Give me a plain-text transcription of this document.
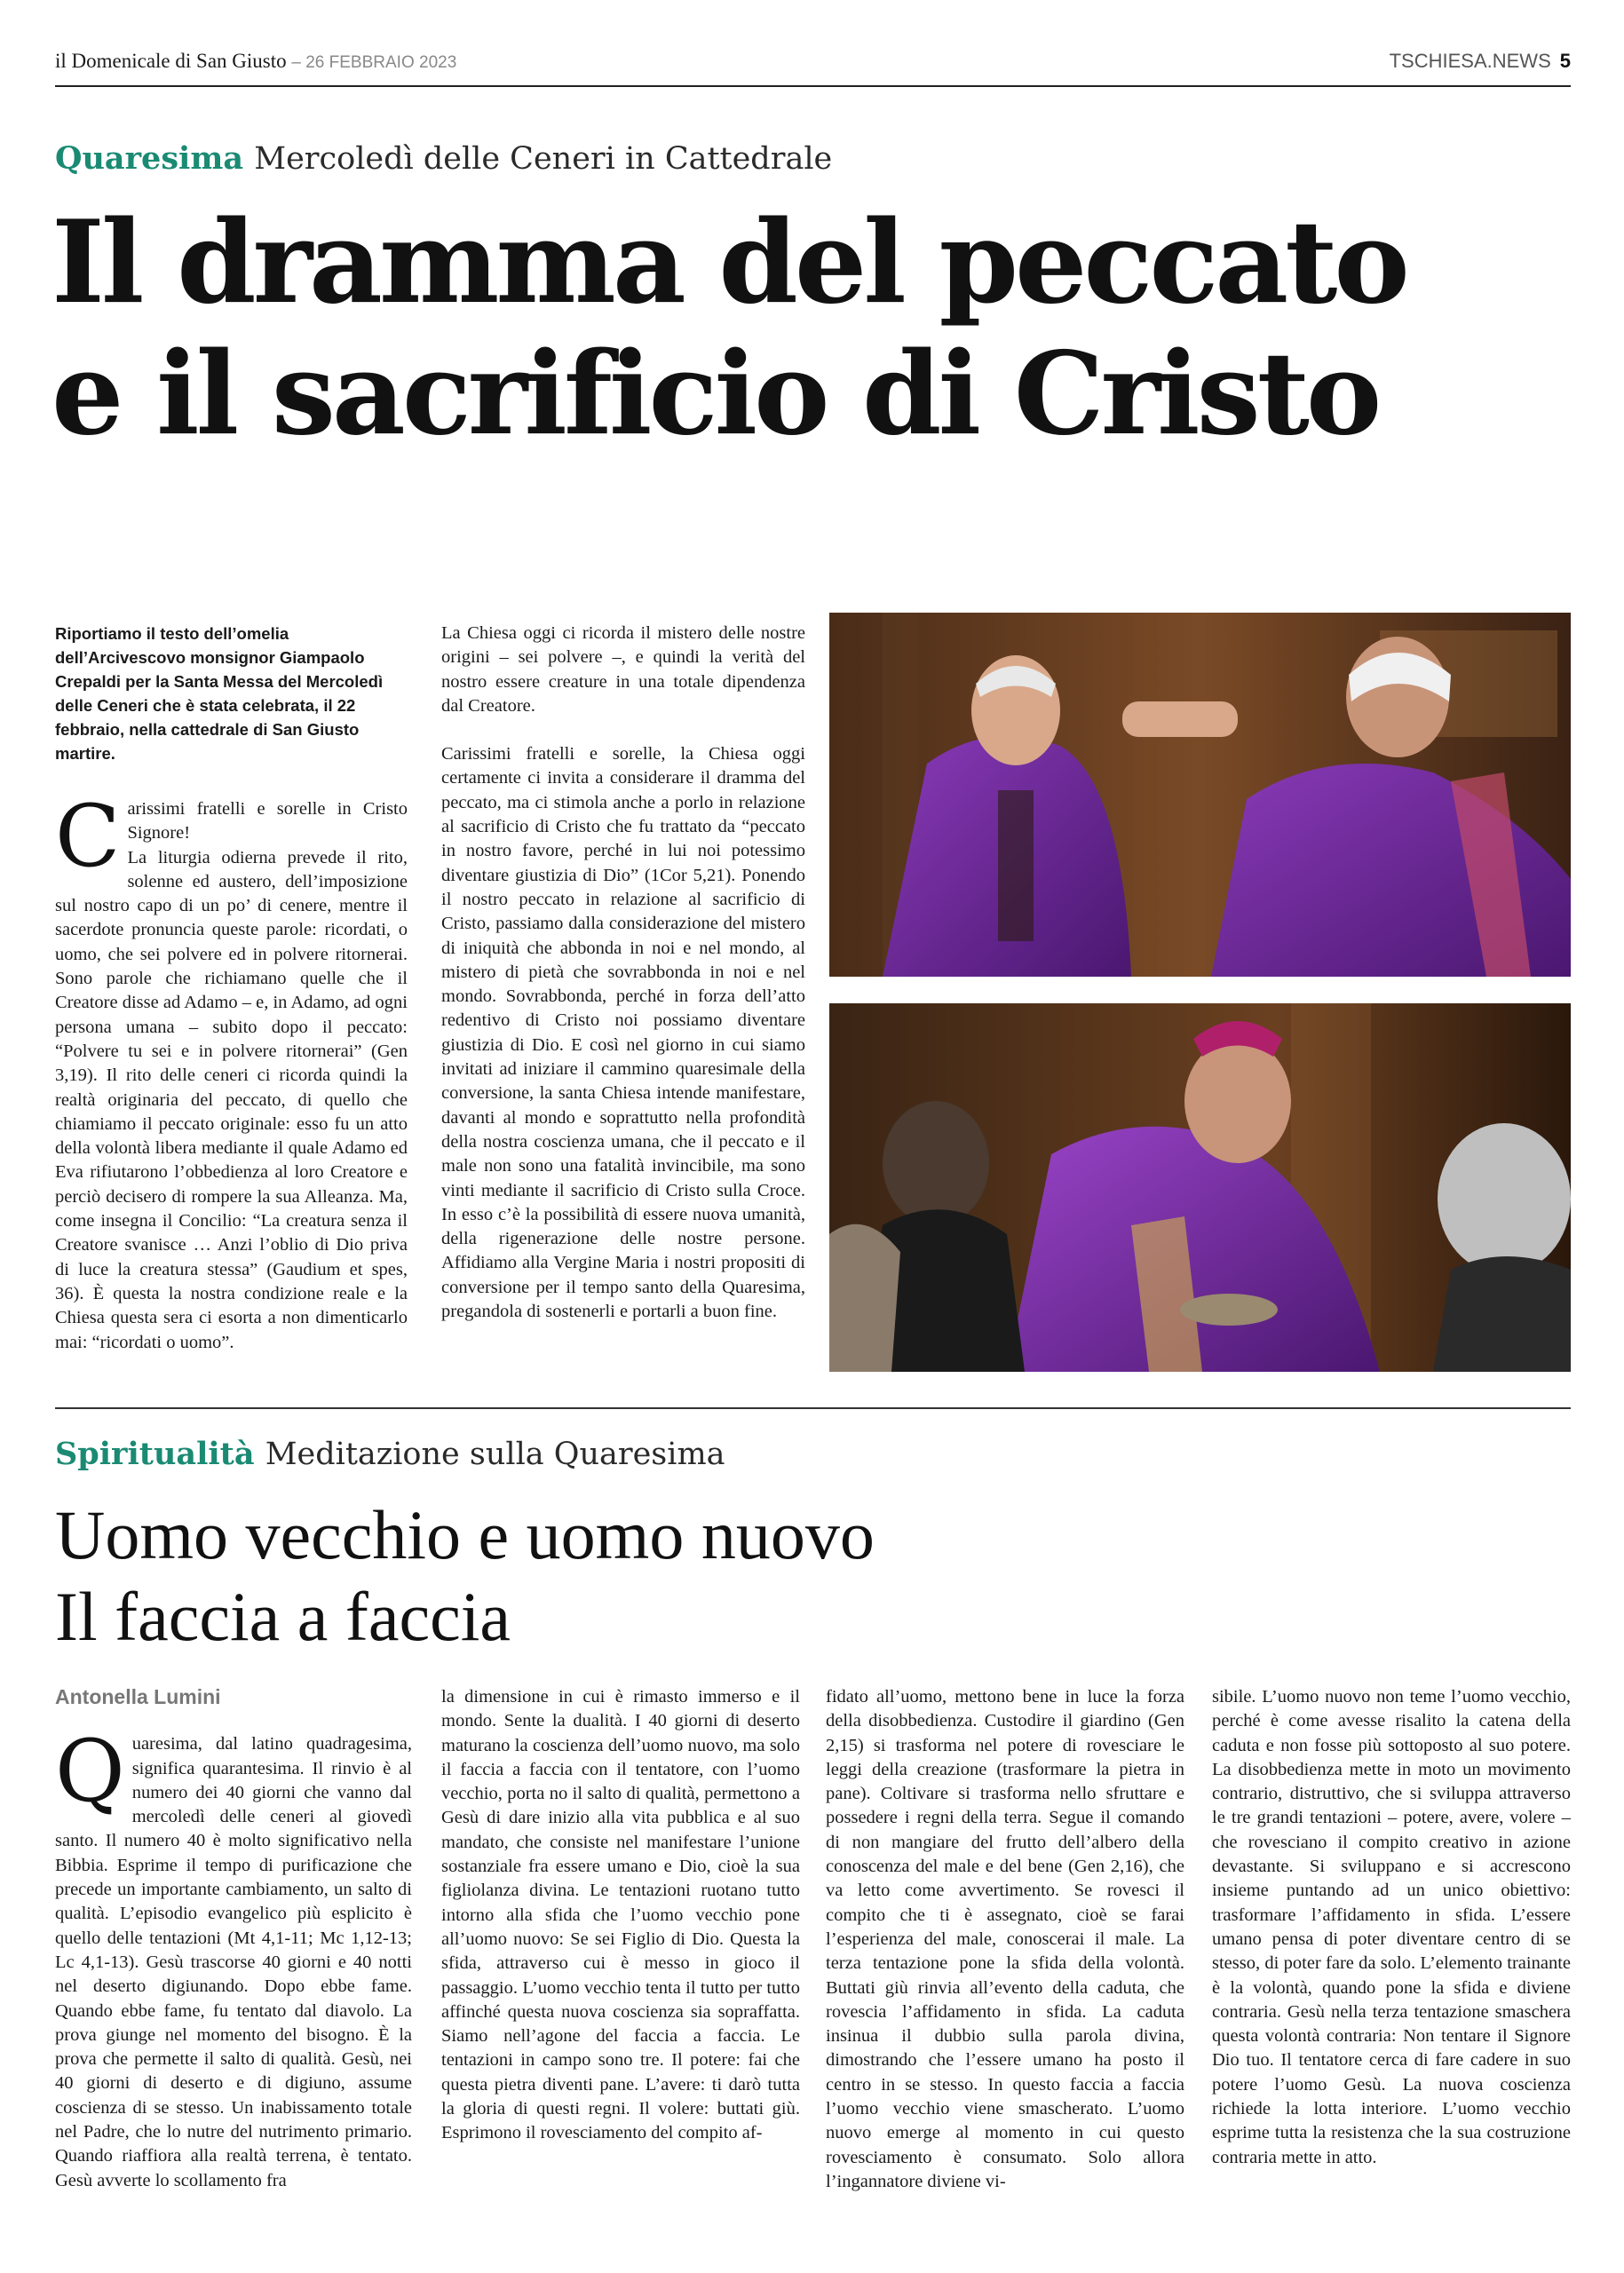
il Domenicale di San Giusto – 26 FEBBRAIO 2023	TSCHIESA.NEWS 5
Quaresima Mercoledì delle Ceneri in Cattedrale
Il dramma del peccato
e il sacrificio di Cristo

Riportiamo il testo dell’omelia dell’Arcivescovo monsignor Giampaolo Crepaldi per la Santa Messa del Mercoledì delle Ceneri che è stata celebrata, il 22 febbraio, nella cattedrale di San Giusto martire.

C arissimi fratelli e sorelle in Cristo Signore!

La liturgia odierna prevede il rito, solenne ed austero, dell’imposizione sul nostro capo di un po’ di cenere, mentre il sacerdote pronuncia queste parole: ricordati, o uomo, che sei polvere ed in polvere ritornerai. Sono parole che richiamano quelle che il Creatore disse ad Adamo – e, in Adamo, ad ogni persona umana – subito dopo il peccato: “Polvere tu sei e in polvere ritornerai” (Gen 3,19). Il rito delle ceneri ci ricorda quindi la realtà originaria del peccato, di quello che chiamiamo il peccato originale: esso fu un atto della volontà libera mediante il quale Adamo ed Eva rifiutarono l’obbedienza al loro Creatore e perciò decisero di rompere la sua Alleanza. Ma, come insegna il Concilio: “La creatura senza il Creatore svanisce … Anzi l’oblio di Dio priva di luce la creatura stessa” (Gaudium et spes, 36). È questa la nostra condizione reale e la Chiesa questa sera ci esorta a non dimenticarlo mai: “ricordati o uomo”.

La Chiesa oggi ci ricorda il mistero delle nostre origini – sei polvere –, e quindi la verità del nostro essere creature in una totale dipendenza dal Creatore.

Carissimi fratelli e sorelle, la Chiesa oggi certamente ci invita a considerare il dramma del peccato, ma ci stimola anche a porlo in relazione al sacrificio di Cristo che fu trattato da “peccato in nostro favore, perché in lui noi potessimo diventare giustizia di Dio” (1Cor 5,21). Ponendo il nostro peccato in relazione al sacrificio di Cristo, passiamo dalla considerazione del mistero di iniquità che abbonda in noi e nel mondo, al mistero di pietà che sovrabbonda in noi e nel mondo. Sovrabbonda, perché in forza dell’atto redentivo di Cristo noi possiamo diventare giustizia di Dio. E così nel giorno in cui siamo invitati ad iniziare il cammino quaresimale della conversione, la santa Chiesa intende manifestare, davanti al mondo e soprattutto nella profondità della nostra coscienza umana, che il peccato e il male non sono una fatalità invincibile, ma sono vinti mediante il sacrificio di Cristo sulla Croce. In esso c’è la possibilità di essere nuova umanità, della rigenerazione delle nostre persone. Affidiamo alla Vergine Maria i nostri propositi di conversione per il tempo santo della Quaresima, pregandola di sostenerli e portarli a buon fine.

Spiritualità Meditazione sulla Quaresima
Uomo vecchio e uomo nuovo
Il faccia a faccia

Antonella Lumini

Q uaresima, dal latino quadragesima, significa quarantesima. Il rinvio è al numero dei 40 giorni che vanno dal mercoledì delle ceneri al giovedì santo. Il numero 40 è molto significativo nella Bibbia. Esprime il tempo di purificazione che precede un importante cambiamento, un salto di qualità. L’episodio evangelico più esplicito è quello delle tentazioni (Mt 4,1-11; Mc 1,12-13; Lc 4,1-13). Gesù trascorse 40 giorni e 40 notti nel deserto digiunando. Dopo ebbe fame. Quando ebbe fame, fu tentato dal diavolo. La prova giunge nel momento del bisogno. È la prova che permette il salto di qualità. Gesù, nei 40 giorni di deserto e di digiuno, assume coscienza di se stesso. Un inabissamento totale nel Padre, che lo nutre del nutrimento primario. Quando riaffiora alla realtà terrena, è tentato. Gesù avverte lo scollamento fra

la dimensione in cui è rimasto immerso e il mondo. Sente la dualità. I 40 giorni di deserto maturano la coscienza dell’uomo nuovo, ma solo il faccia a faccia con il tentatore, con l’uomo vecchio, porta no il salto di qualità, permettono a Gesù di dare inizio alla vita pubblica e al suo mandato, che consiste nel manifestare l’unione sostanziale fra essere umano e Dio, cioè la sua figliolanza divina. Le tentazioni ruotano tutto intorno alla sfida che l’uomo vecchio pone all’uomo nuovo: Se sei Figlio di Dio. Questa la sfida, attraverso cui è messo in gioco il passaggio. L’uomo vecchio tenta il tutto per tutto affinché questa nuova coscienza sia sopraffatta. Siamo nell’agone del faccia a faccia. Le tentazioni in campo sono tre. Il potere: fai che questa pietra diventi pane. L’avere: ti darò tutta la gloria di questi regni. Il volere: buttati giù. Esprimono il rovesciamento del compito af-

fidato all’uomo, mettono bene in luce la forza della disobbedienza. Custodire il giardino (Gen 2,15) si trasforma nel potere di rovesciare le leggi della creazione (trasformare la pietra in pane). Coltivare si trasforma nello sfruttare e possedere i regni della terra. Segue il comando di non mangiare del frutto dell’albero della conoscenza del male e del bene (Gen 2,16), che va letto come avvertimento. Se rovesci il compito che ti è assegnato, cioè se farai l’esperienza del male, conoscerai il male. La terza tentazione pone la sfida della volontà. Buttati giù rinvia all’evento della caduta, che rovescia l’affidamento in sfida. La caduta insinua il dubbio sulla parola divina, dimostrando che l’essere umano ha posto il centro in se stesso. In questo faccia a faccia l’uomo vecchio viene smascherato. L’uomo nuovo emerge al momento in cui questo rovesciamento è consumato. Solo allora l’ingannatore diviene vi-

sibile. L’uomo nuovo non teme l’uomo vecchio, perché è come avesse risalito la catena della caduta e non fosse più sottoposto al suo potere. La disobbedienza mette in moto un movimento contrario, distruttivo, che si sviluppa attraverso le tre grandi tentazioni – potere, avere, volere – che rovesciano il compito creativo in azione devastante. Si sviluppano e si accrescono insieme puntando ad un unico obiettivo: trasformare l’affidamento in sfida. L’essere umano pensa di poter diventare centro di se stesso, di poter fare da solo. L’elemento trainante è la volontà, quando pone la sfida e diviene contraria. Gesù nella terza tentazione smaschera questa volontà contraria: Non tentare il Signore Dio tuo. Il tentatore cerca di fare cadere in suo potere l’uomo Gesù. La nuova coscienza richiede la lotta interiore. L’uomo vecchio esprime tutta la resistenza che la sua costruzione contraria mette in atto.
